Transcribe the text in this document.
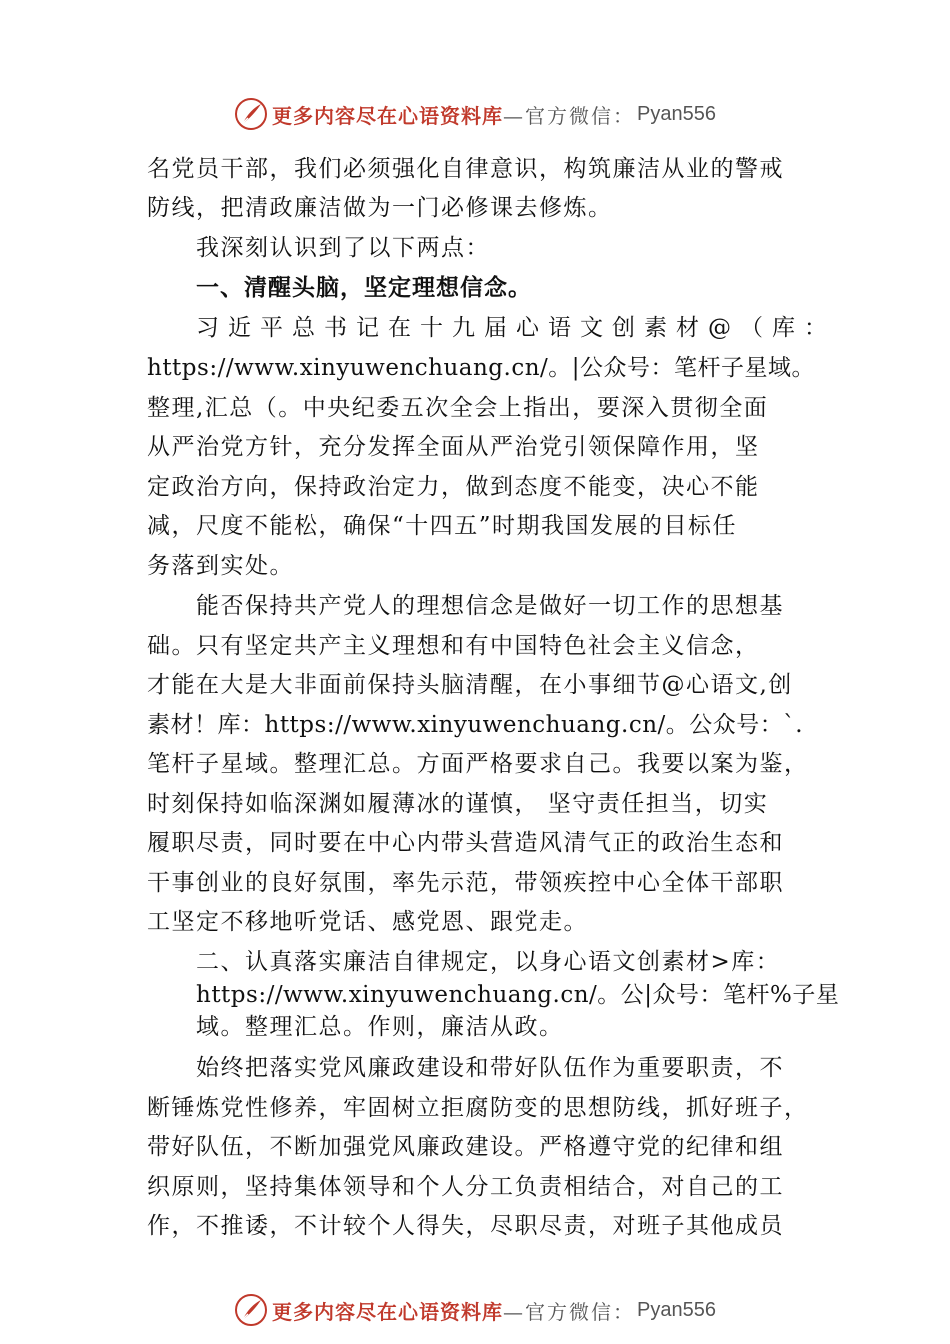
更多内容尽在心语资料库 —官方微信： Pyan556
名党员干部，我们必须强化自律意识，构筑廉洁从业的警戒
防线，把清政廉洁做为一门必修课去修炼。
我深刻认识到了以下两点：
一、清醒头脑，坚定理想信念。
习近平总书记在十九届心语文创素材@（库：
https://www.xinyuwenchuang.cn/。|公众号：笔杆子星域。
整理,汇总（。中央纪委五次全会上指出，要深入贯彻全面
从严治党方针，充分发挥全面从严治党引领保障作用，坚
定政治方向，保持政治定力，做到态度不能变，决心不能
减，尺度不能松，确保“十四五”时期我国发展的目标任
务落到实处。
能否保持共产党人的理想信念是做好一切工作的思想基
础。只有坚定共产主义理想和有中国特色社会主义信念，
才能在大是大非面前保持头脑清醒，在小事细节@心语文,创
素材！库：https://www.xinyuwenchuang.cn/。公众号：`.
笔杆子星域。整理汇总。方面严格要求自己。我要以案为鉴，
时刻保持如临深渊如履薄冰的谨慎， 坚守责任担当，切实
履职尽责，同时要在中心内带头营造风清气正的政治生态和
干事创业的良好氛围，率先示范，带领疾控中心全体干部职
工坚定不移地听党话、感党恩、跟党走。
二、认真落实廉洁自律规定，以身心语文创素材>库：
https://www.xinyuwenchuang.cn/。公|众号：笔杆%子星
域。整理汇总。作则，廉洁从政。
始终把落实党风廉政建设和带好队伍作为重要职责，不
断锤炼党性修养，牢固树立拒腐防变的思想防线，抓好班子，
带好队伍，不断加强党风廉政建设。严格遵守党的纪律和组
织原则，坚持集体领导和个人分工负责相结合，对自己的工
作，不推诿，不计较个人得失，尽职尽责，对班子其他成员
更多内容尽在心语资料库 —官方微信： Pyan556
